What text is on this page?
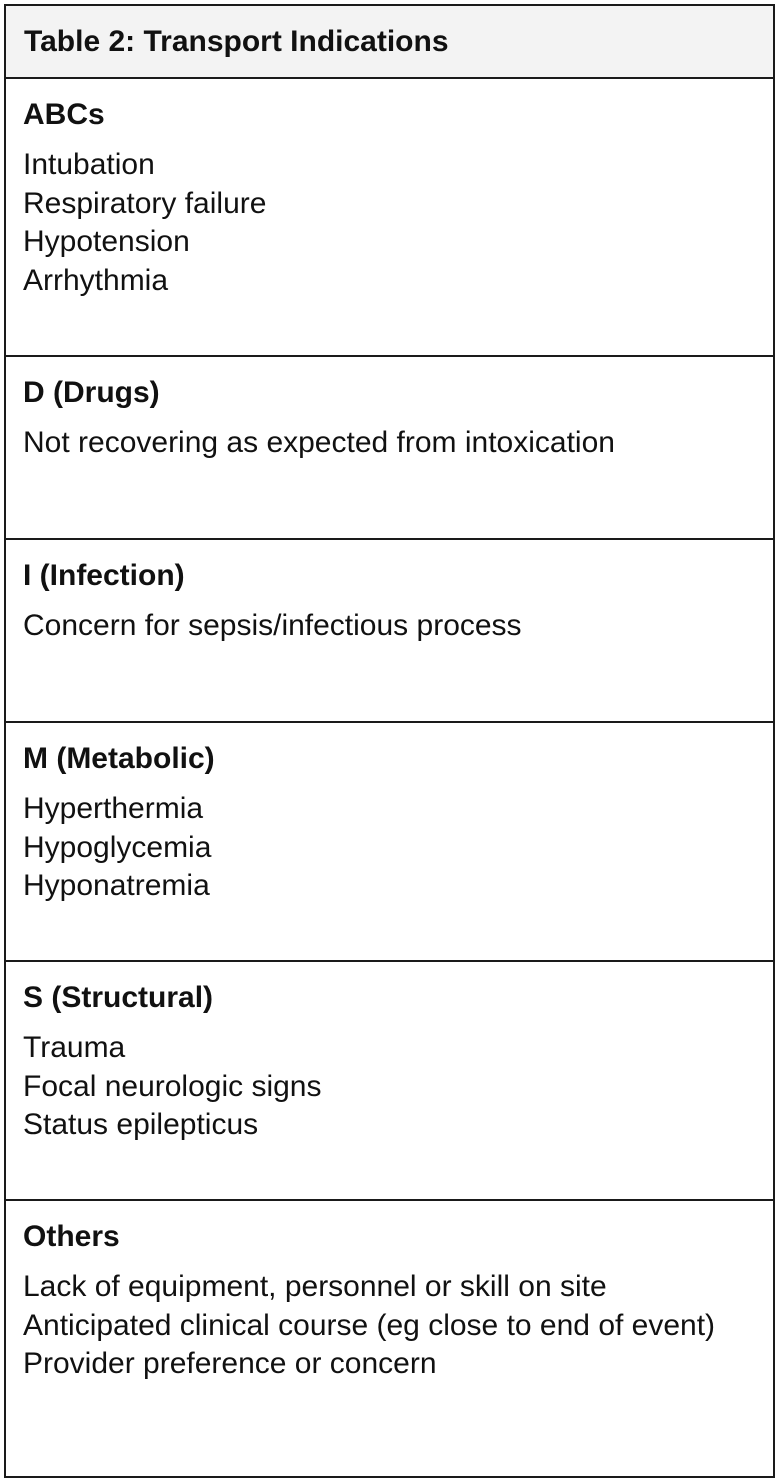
Table 2: Transport Indications
ABCs
Intubation
Respiratory failure
Hypotension
Arrhythmia
D (Drugs)
Not recovering as expected from intoxication
I (Infection)
Concern for sepsis/infectious process
M (Metabolic)
Hyperthermia
Hypoglycemia
Hyponatremia
S (Structural)
Trauma
Focal neurologic signs
Status epilepticus
Others
Lack of equipment, personnel or skill on site
Anticipated clinical course (eg close to end of event)
Provider preference or concern
